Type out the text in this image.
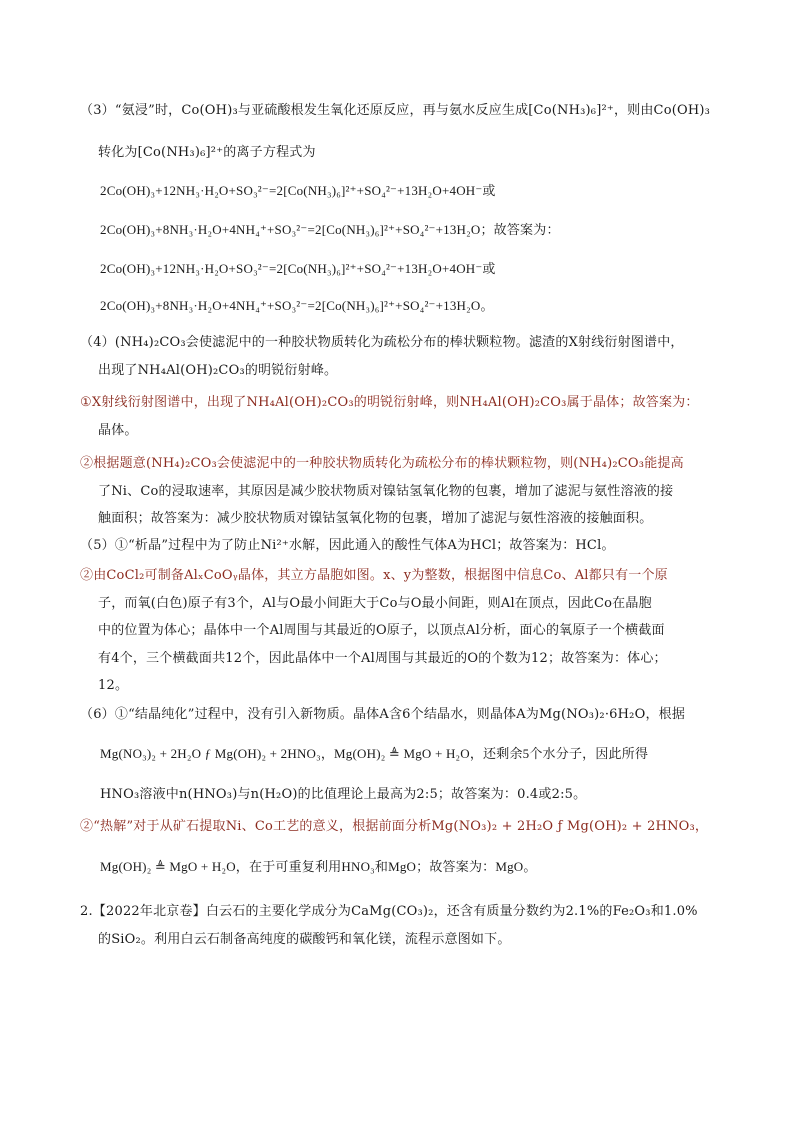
（3）“氨浸”时，Co(OH)₃与亚硫酸根发生氧化还原反应，再与氨水反应生成[Co(NH₃)₆]²⁺，则由Co(OH)₃
转化为[Co(NH₃)₆]²⁺的离子方程式为
2Co(OH)₃+12NH₃·H₂O+SO₃²⁻=2[Co(NH₃)₆]²⁺+SO₄²⁻+13H₂O+4OH⁻或
2Co(OH)₃+8NH₃·H₂O+4NH₄⁺+SO₃²⁻=2[Co(NH₃)₆]²⁺+SO₄²⁻+13H₂O；故答案为：
2Co(OH)₃+12NH₃·H₂O+SO₃²⁻=2[Co(NH₃)₆]²⁺+SO₄²⁻+13H₂O+4OH⁻或
2Co(OH)₃+8NH₃·H₂O+4NH₄⁺+SO₃²⁻=2[Co(NH₃)₆]²⁺+SO₄²⁻+13H₂O。
（4）(NH₄)₂CO₃会使滤泥中的一种胶状物质转化为疏松分布的棒状颗粒物。滤渣的X射线衍射图谱中，
出现了NH₄Al(OH)₂CO₃的明锐衍射峰。
①X射线衍射图谱中，出现了NH₄Al(OH)₂CO₃的明锐衍射峰，则NH₄Al(OH)₂CO₃属于晶体；故答案为：
晶体。
②根据题意(NH₄)₂CO₃会使滤泥中的一种胶状物质转化为疏松分布的棒状颗粒物，则(NH₄)₂CO₃能提高
了Ni、Co的浸取速率，其原因是减少胶状物质对镍钴氢氧化物的包裹，增加了滤泥与氨性溶液的接
触面积；故答案为：减少胶状物质对镍钴氢氧化物的包裹，增加了滤泥与氨性溶液的接触面积。
（5）①“析晶”过程中为了防止Ni²⁺水解，因此通入的酸性气体A为HCl；故答案为：HCl。
②由CoCl₂可制备AlₓCoOᵧ晶体，其立方晶胞如图。x、y为整数，根据图中信息Co、Al都只有一个原
子，而氧(白色)原子有3个，Al与O最小间距大于Co与O最小间距，则Al在顶点，因此Co在晶胞
中的位置为体心；晶体中一个Al周围与其最近的O原子，以顶点Al分析，面心的氧原子一个横截面
有4个，三个横截面共12个，因此晶体中一个Al周围与其最近的O的个数为12；故答案为：体心；
12。
（6）①“结晶纯化”过程中，没有引入新物质。晶体A含6个结晶水，则晶体A为Mg(NO₃)₂·6H₂O，根据
Mg(NO₃)₂ + 2H₂O ƒ Mg(OH)₂ + 2HNO₃，Mg(OH)₂ ≜ MgO + H₂O，还剩余5个水分子，因此所得
HNO₃溶液中n(HNO₃)与n(H₂O)的比值理论上最高为2:5；故答案为：0.4或2:5。
②“热解”对于从矿石提取Ni、Co工艺的意义，根据前面分析Mg(NO₃)₂ + 2H₂O ƒ Mg(OH)₂ + 2HNO₃，
Mg(OH)₂ ≜ MgO + H₂O，在于可重复利用HNO₃和MgO；故答案为：MgO。
2.【2022年北京卷】白云石的主要化学成分为CaMg(CO₃)₂，还含有质量分数约为2.1%的Fe₂O₃和1.0%
的SiO₂。利用白云石制备高纯度的碳酸钙和氧化镁，流程示意图如下。
